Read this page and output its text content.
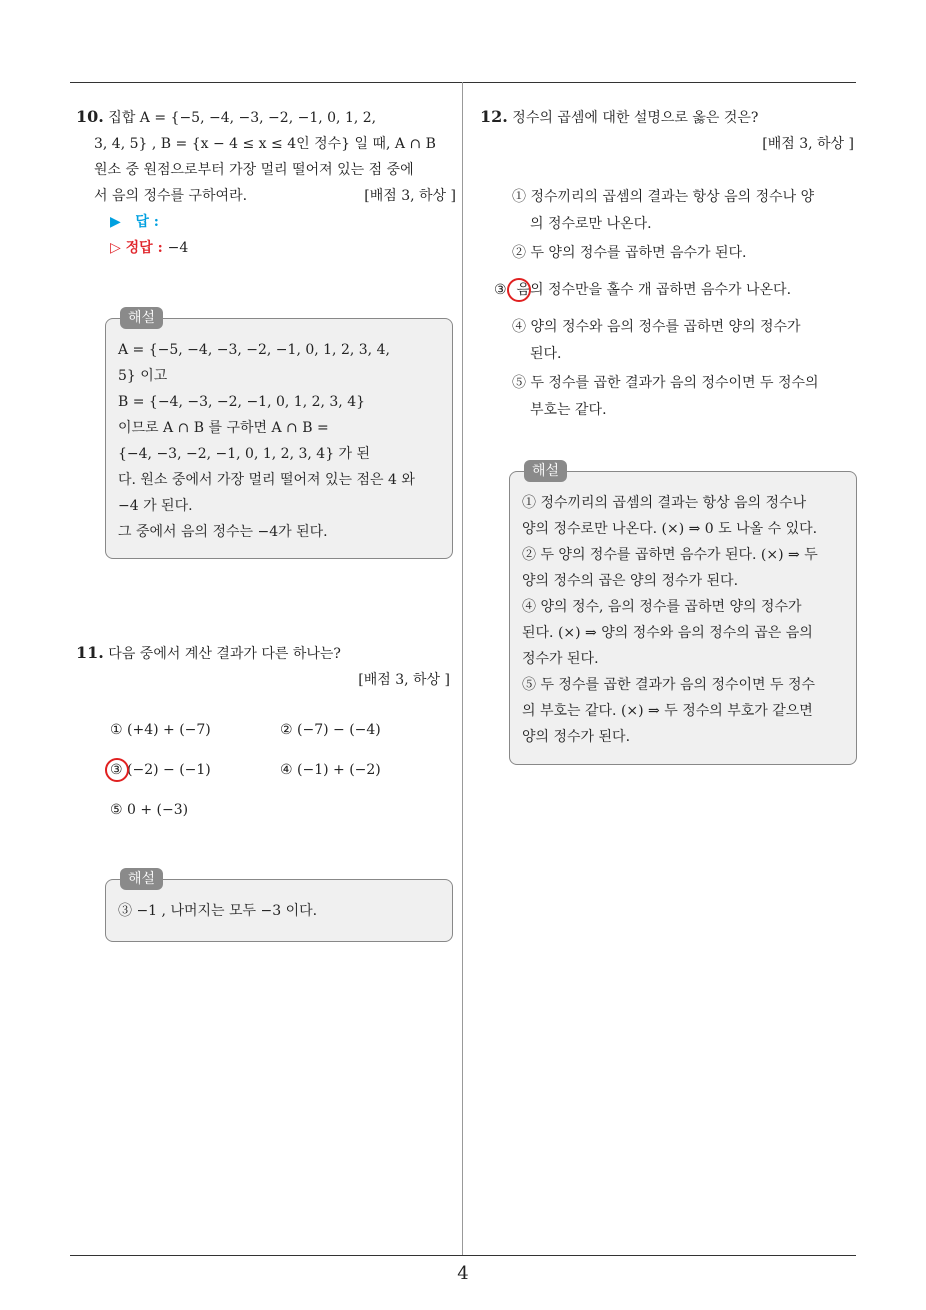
4
10. 집합 A = {−5, −4, −3, −2, −1, 0, 1, 2,
3, 4, 5} , B = {x − 4 ≤ x ≤ 4인 정수} 일 때, A ∩ B
원소 중 원점으로부터 가장 멀리 떨어져 있는 점 중에
서 음의 정수를 구하여라.	[배점 3, 하상 ]
▶ 답 :
▷ 정답 : −4
해설
A = {−5, −4, −3, −2, −1, 0, 1, 2, 3, 4,
5} 이고
B = {−4, −3, −2, −1, 0, 1, 2, 3, 4}
이므로 A ∩ B 를 구하면 A ∩ B =
{−4, −3, −2, −1, 0, 1, 2, 3, 4} 가 된
다. 원소 중에서 가장 멀리 떨어져 있는 점은 4 와
−4 가 된다.
그 중에서 음의 정수는 −4가 된다.
11. 다음 중에서 계산 결과가 다른 하나는?
[배점 3, 하상 ]
① (+4) + (−7)	② (−7) − (−4)
③ (−2) − (−1)	④ (−1) + (−2)
⑤ 0 + (−3)
해설
③ −1 , 나머지는 모두 −3 이다.
12. 정수의 곱셈에 대한 설명으로 옳은 것은?
[배점 3, 하상 ]
① 정수끼리의 곱셈의 결과는 항상 음의 정수나 양
의 정수로만 나온다.
② 두 양의 정수를 곱하면 음수가 된다.
③ 음의 정수만을 홀수 개 곱하면 음수가 나온다.
④ 양의 정수와 음의 정수를 곱하면 양의 정수가
된다.
⑤ 두 정수를 곱한 결과가 음의 정수이면 두 정수의
부호는 같다.
해설
① 정수끼리의 곱셈의 결과는 항상 음의 정수나
양의 정수로만 나온다. (×) ⇒ 0 도 나올 수 있다.
② 두 양의 정수를 곱하면 음수가 된다. (×) ⇒ 두
양의 정수의 곱은 양의 정수가 된다.
④ 양의 정수, 음의 정수를 곱하면 양의 정수가
된다. (×) ⇒ 양의 정수와 음의 정수의 곱은 음의
정수가 된다.
⑤ 두 정수를 곱한 결과가 음의 정수이면 두 정수
의 부호는 같다. (×) ⇒ 두 정수의 부호가 같으면
양의 정수가 된다.
